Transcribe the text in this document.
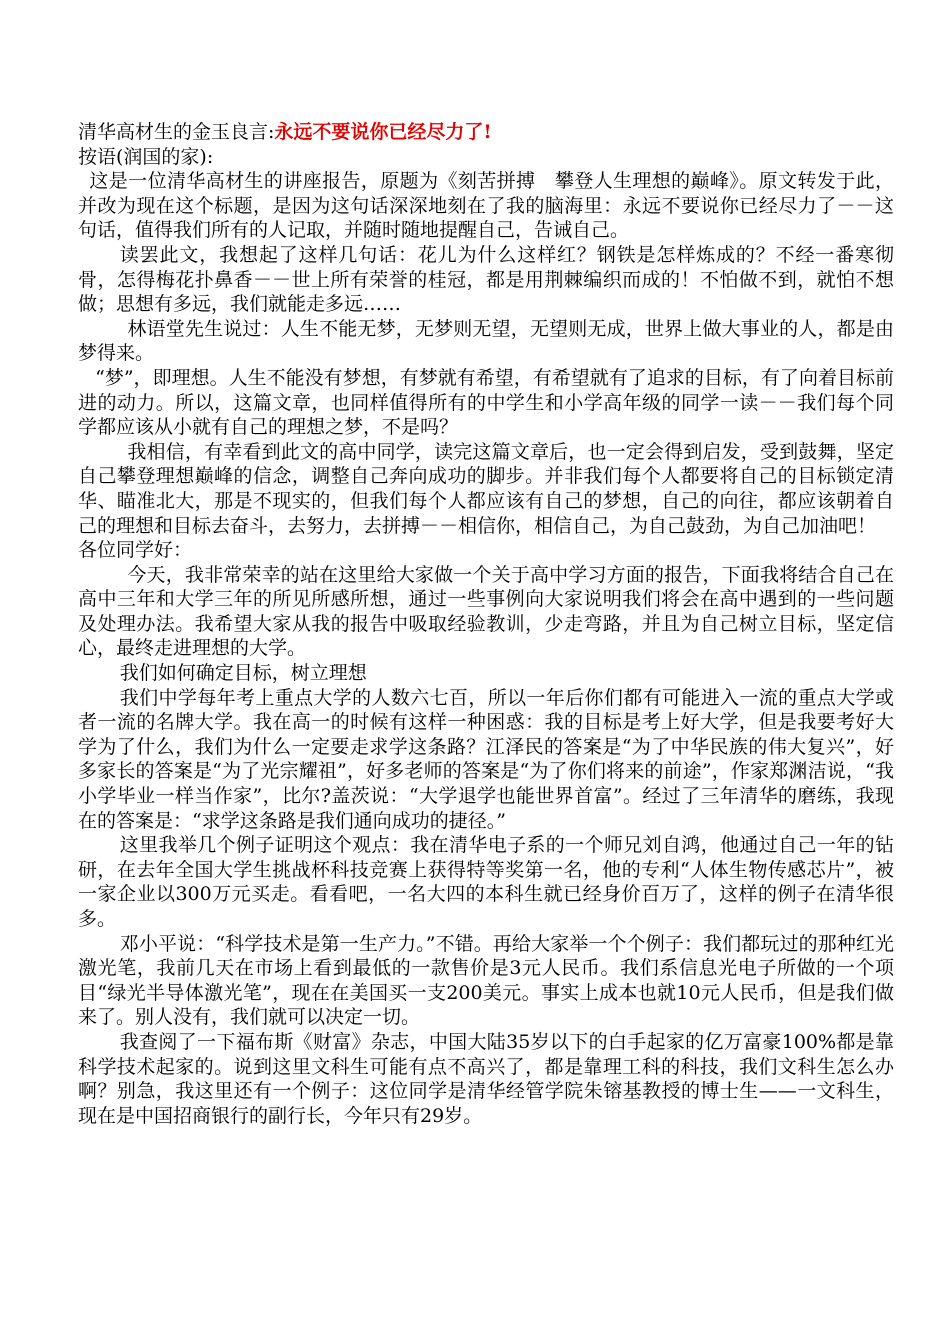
清华高材生的金玉良言:永远不要说你已经尽力了!

按语(润国的家):

这是一位清华高材生的讲座报告，原题为《刻苦拼搏　攀登人生理想的巅峰》。原文转发于此，并改为现在这个标题，是因为这句话深深地刻在了我的脑海里：永远不要说你已经尽力了－－这句话，值得我们所有的人记取，并随时随地提醒自己，告诫自己。

读罢此文，我想起了这样几句话：花儿为什么这样红？钢铁是怎样炼成的？不经一番寒彻骨，怎得梅花扑鼻香－－世上所有荣誉的桂冠，都是用荆棘编织而成的！不怕做不到，就怕不想做；思想有多远，我们就能走多远……

林语堂先生说过：人生不能无梦，无梦则无望，无望则无成，世界上做大事业的人，都是由梦得来。

“梦”，即理想。人生不能没有梦想，有梦就有希望，有希望就有了追求的目标，有了向着目标前进的动力。所以，这篇文章，也同样值得所有的中学生和小学高年级的同学一读－－我们每个同学都应该从小就有自己的理想之梦，不是吗？

我相信，有幸看到此文的高中同学，读完这篇文章后，也一定会得到启发，受到鼓舞，坚定自己攀登理想巅峰的信念，调整自己奔向成功的脚步。并非我们每个人都要将自己的目标锁定清华、瞄准北大，那是不现实的，但我们每个人都应该有自己的梦想，自己的向往，都应该朝着自己的理想和目标去奋斗，去努力，去拼搏－－相信你，相信自己，为自己鼓劲，为自己加油吧！

各位同学好：

今天，我非常荣幸的站在这里给大家做一个关于高中学习方面的报告，下面我将结合自己在高中三年和大学三年的所见所感所想，通过一些事例向大家说明我们将会在高中遇到的一些问题及处理办法。我希望大家从我的报告中吸取经验教训，少走弯路，并且为自己树立目标，坚定信心，最终走进理想的大学。

我们如何确定目标，树立理想

我们中学每年考上重点大学的人数六七百，所以一年后你们都有可能进入一流的重点大学或者一流的名牌大学。我在高一的时候有这样一种困惑：我的目标是考上好大学，但是我要考好大学为了什么，我们为什么一定要走求学这条路？江泽民的答案是“为了中华民族的伟大复兴”，好多家长的答案是“为了光宗耀祖”，好多老师的答案是“为了你们将来的前途”，作家郑渊洁说，“我小学毕业一样当作家”，比尔?盖茨说：“大学退学也能世界首富”。经过了三年清华的磨练，我现在的答案是：“求学这条路是我们通向成功的捷径。”

这里我举几个例子证明这个观点：我在清华电子系的一个师兄刘自鸿，他通过自己一年的钻研，在去年全国大学生挑战杯科技竞赛上获得特等奖第一名，他的专利“人体生物传感芯片”，被一家企业以300万元买走。看看吧，一名大四的本科生就已经身价百万了，这样的例子在清华很多。

邓小平说：“科学技术是第一生产力。”不错。再给大家举一个个例子：我们都玩过的那种红光激光笔，我前几天在市场上看到最低的一款售价是3元人民币。我们系信息光电子所做的一个项目“绿光半导体激光笔”，现在在美国买一支200美元。事实上成本也就10元人民币，但是我们做来了。别人没有，我们就可以决定一切。

我查阅了一下福布斯《财富》杂志，中国大陆35岁以下的白手起家的亿万富豪100%都是靠科学技术起家的。说到这里文科生可能有点不高兴了，都是靠理工科的科技，我们文科生怎么办啊？别急，我这里还有一个例子：这位同学是清华经管学院朱镕基教授的博士生——一文科生，现在是中国招商银行的副行长，今年只有29岁。
